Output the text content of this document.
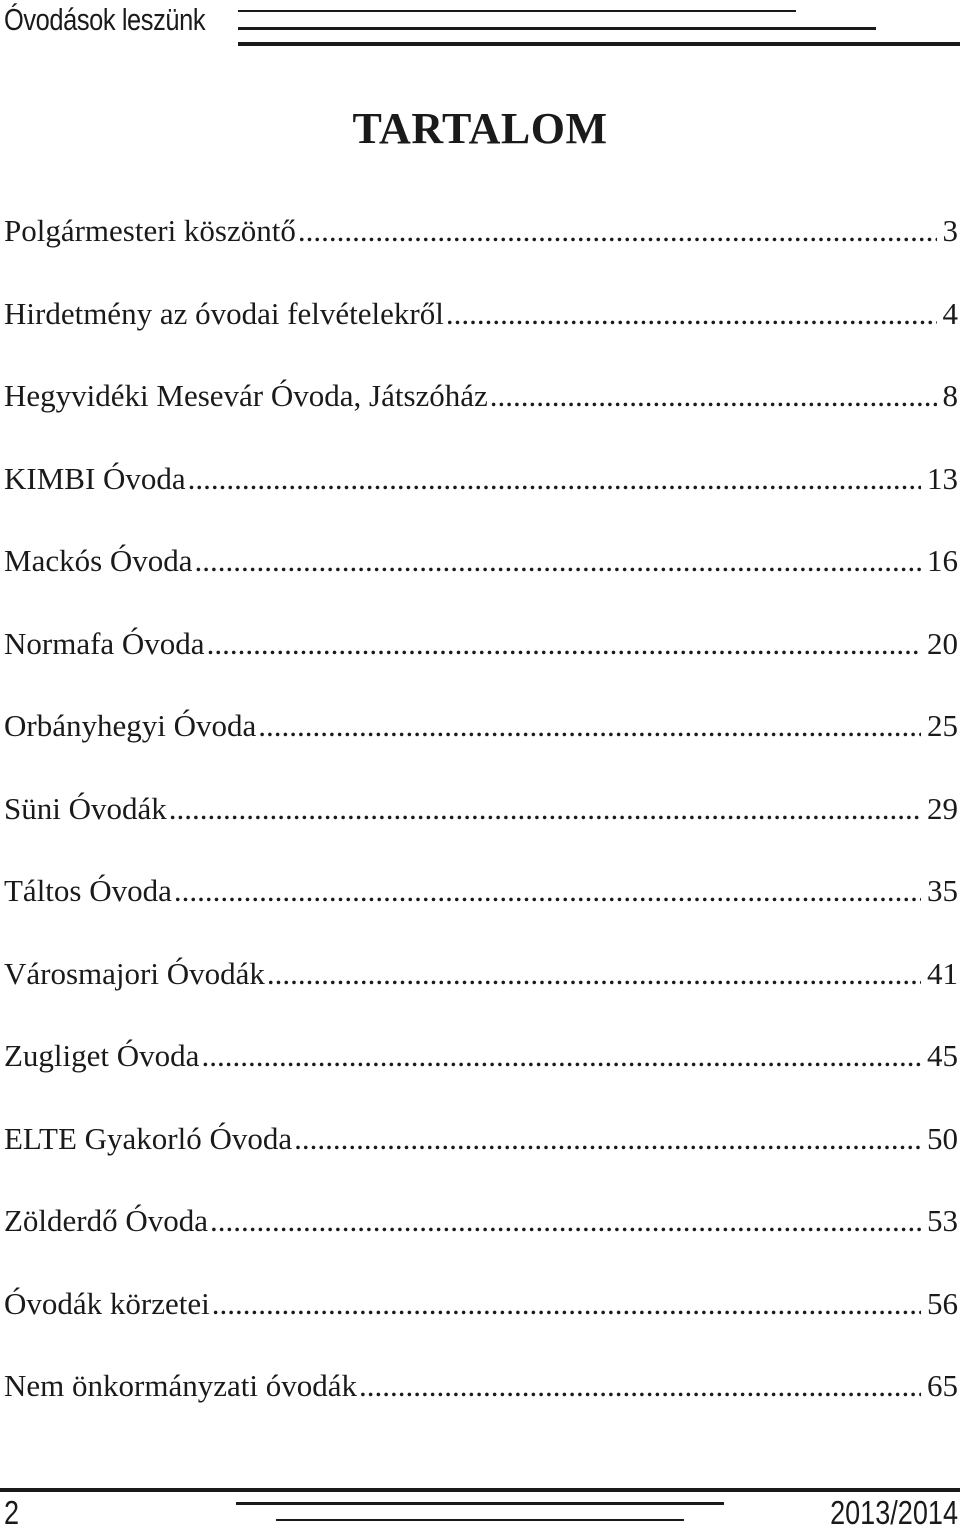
Óvodások leszünk
TARTALOM
Polgármesteri köszöntő .....	3
Hirdetmény az óvodai felvételekről .....	4
Hegyvidéki Mesevár Óvoda, Játszóház .....	8
KIMBI Óvoda .....	13
Mackós Óvoda .....	16
Normafa Óvoda .....	20
Orbányhegyi Óvoda .....	25
Süni Óvodák .....	29
Táltos Óvoda .....	35
Városmajori Óvodák .....	41
Zugliget Óvoda .....	45
ELTE Gyakorló Óvoda .....	50
Zölderdő Óvoda .....	53
Óvodák körzetei .....	56
Nem önkormányzati óvodák .....	65
2	2013/2014
